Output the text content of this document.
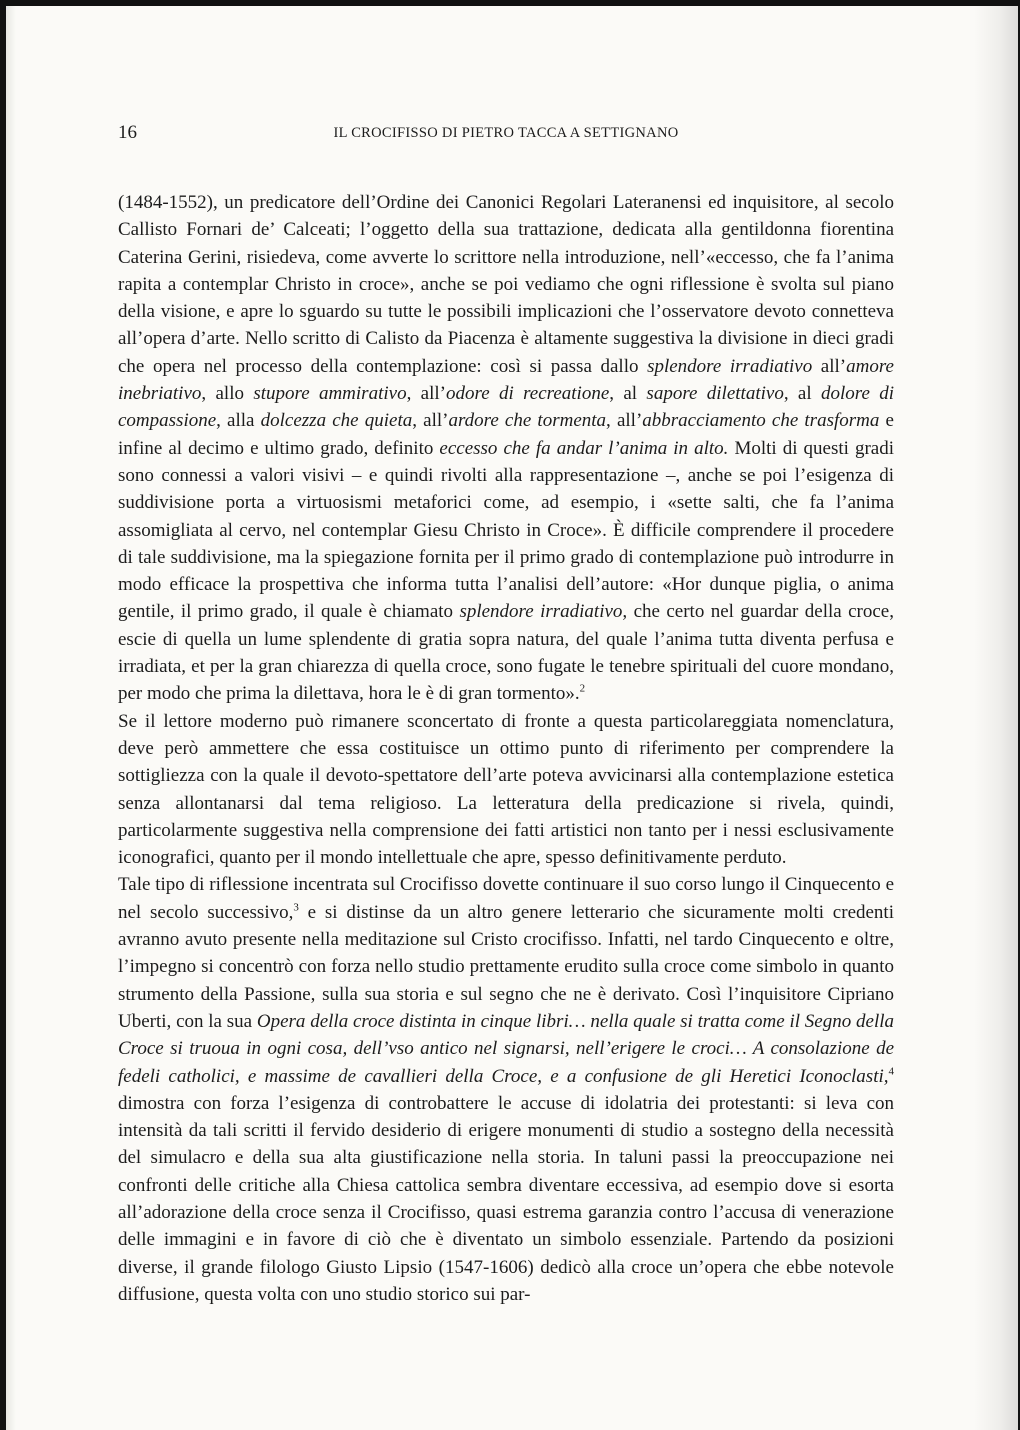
16	IL CROCIFISSO DI PIETRO TACCA A SETTIGNANO

(1484-1552), un predicatore dell’Ordine dei Canonici Regolari Lateranensi ed inquisitore, al secolo Callisto Fornari de’ Calceati; l’oggetto della sua trattazione, dedicata alla gentildonna fiorentina Caterina Gerini, risiedeva, come avverte lo scrittore nella introduzione, nell’«eccesso, che fa l’anima rapita a contemplar Christo in croce», anche se poi vediamo che ogni riflessione è svolta sul piano della visione, e apre lo sguardo su tutte le possibili implicazioni che l’osservatore devoto connetteva all’opera d’arte. Nello scritto di Calisto da Piacenza è altamente suggestiva la divisione in dieci gradi che opera nel processo della contemplazione: così si passa dallo splendore irradiativo all’amore inebriativo, allo stupore ammirativo, all’odore di recreatione, al sapore dilettativo, al dolore di compassione, alla dolcezza che quieta, all’ardore che tormenta, all’abbracciamento che trasforma e infine al decimo e ultimo grado, definito eccesso che fa andar l’anima in alto. Molti di questi gradi sono connessi a valori visivi – e quindi rivolti alla rappresentazione –, anche se poi l’esigenza di suddivisione porta a virtuosismi metaforici come, ad esempio, i «sette salti, che fa l’anima assomigliata al cervo, nel contemplar Giesu Christo in Croce». È difficile comprendere il procedere di tale suddivisione, ma la spiegazione fornita per il primo grado di contemplazione può introdurre in modo efficace la prospettiva che informa tutta l’analisi dell’autore: «Hor dunque piglia, o anima gentile, il primo grado, il quale è chiamato splendore irradiativo, che certo nel guardar della croce, escie di quella un lume splendente di gratia sopra natura, del quale l’anima tutta diventa perfusa e irradiata, et per la gran chiarezza di quella croce, sono fugate le tenebre spirituali del cuore mondano, per modo che prima la dilettava, hora le è di gran tormento».$^2$

Se il lettore moderno può rimanere sconcertato di fronte a questa particolareggiata nomenclatura, deve però ammettere che essa costituisce un ottimo punto di riferimento per comprendere la sottigliezza con la quale il devoto-spettatore dell’arte poteva avvicinarsi alla contemplazione estetica senza allontanarsi dal tema religioso. La letteratura della predicazione si rivela, quindi, particolarmente suggestiva nella comprensione dei fatti artistici non tanto per i nessi esclusivamente iconografici, quanto per il mondo intellettuale che apre, spesso definitivamente perduto.

Tale tipo di riflessione incentrata sul Crocifisso dovette continuare il suo corso lungo il Cinquecento e nel secolo successivo,$^3$ e si distinse da un altro genere letterario che sicuramente molti credenti avranno avuto presente nella meditazione sul Cristo crocifisso. Infatti, nel tardo Cinquecento e oltre, l’impegno si concentrò con forza nello studio prettamente erudito sulla croce come simbolo in quanto strumento della Passione, sulla sua storia e sul segno che ne è derivato. Così l’inquisitore Cipriano Uberti, con la sua Opera della croce distinta in cinque libri… nella quale si tratta come il Segno della Croce si truoua in ogni cosa, dell’vso antico nel signarsi, nell’erigere le croci… A consolazione de fedeli catholici, e massime de cavallieri della Croce, e a confusione de gli Heretici Iconoclasti,$^4$ dimostra con forza l’esigenza di controbattere le accuse di idolatria dei protestanti: si leva con intensità da tali scritti il fervido desiderio di erigere monumenti di studio a sostegno della necessità del simulacro e della sua alta giustificazione nella storia. In taluni passi la preoccupazione nei confronti delle critiche alla Chiesa cattolica sembra diventare eccessiva, ad esempio dove si esorta all’adorazione della croce senza il Crocifisso, quasi estrema garanzia contro l’accusa di venerazione delle immagini e in favore di ciò che è diventato un simbolo essenziale. Partendo da posizioni diverse, il grande filologo Giusto Lipsio (1547-1606) dedicò alla croce un’opera che ebbe notevole diffusione, questa volta con uno studio storico sui par-
